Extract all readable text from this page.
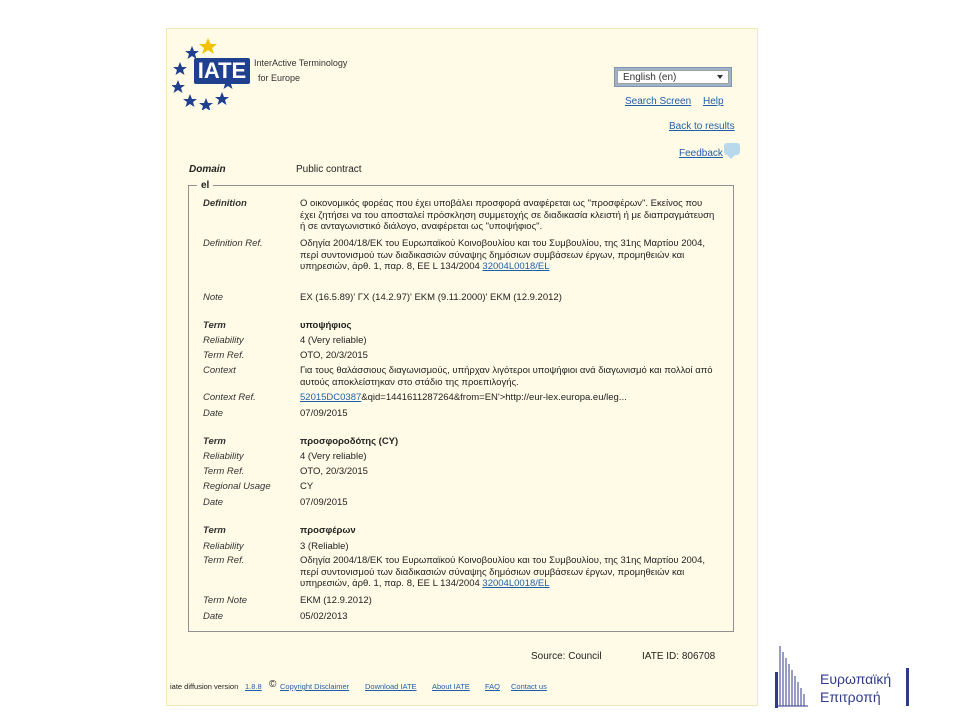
IATE InterActive Terminology
for Europe	English (en)
Search Screen Help
Back to results
Feedback
Domain	Public contract
el
Definition	Ο οικονομικός φορέας που έχει υποβάλει προσφορά αναφέρεται ως "προσφέρων". Εκείνος που έχει ζητήσει να του αποσταλεί πρόσκληση συμμετοχής σε διαδικασία κλειστή ή με διαπραγμάτευση ή σε ανταγωνιστικό διάλογο, αναφέρεται ως "υποψήφιος".
Definition Ref.	Οδηγία 2004/18/ΕΚ του Ευρωπαϊκού Κοινοβουλίου και του Συμβουλίου, της 31ης Μαρτίου 2004, περί συντονισμού των διαδικασιών σύναψης δημόσιων συμβάσεων έργων, προμηθειών και υπηρεσιών, άρθ. 1, παρ. 8, ΕΕ L 134/2004 32004L0018/EL
Note	ΕΧ (16.5.89)' ΓΧ (14.2.97)' ΕΚΜ (9.11.2000)' ΕΚΜ (12.9.2012)
Term	υποψήφιος
Reliability	4 (Very reliable)
Term Ref.	ΟΤΟ, 20/3/2015
Context	Για τους θαλάσσιους διαγωνισμούς, υπήρχαν λιγότεροι υποψήφιοι ανά διαγωνισμό και πολλοί από αυτούς αποκλείστηκαν στο στάδιο της προεπιλογής.
Context Ref.	52015DC0387&qid=1441611287264&from=EN'>http://eur-lex.europa.eu/leg...
Date	07/09/2015
Term	προσφοροδότης (CY)
Reliability	4 (Very reliable)
Term Ref.	ΟΤΟ, 20/3/2015
Regional Usage	CY
Date	07/09/2015
Term	προσφέρων
Reliability	3 (Reliable)
Term Ref.	Οδηγία 2004/18/ΕΚ του Ευρωπαϊκού Κοινοβουλίου και του Συμβουλίου, της 31ης Μαρτίου 2004, περί συντονισμού των διαδικασιών σύναψης δημόσιων συμβάσεων έργων, προμηθειών και υπηρεσιών, άρθ. 1, παρ. 8, ΕΕ L 134/2004 32004L0018/EL
Term Note	ΕΚΜ (12.9.2012)
Date	05/02/2013
Source: Council	IATE ID: 806708
iate diffusion version 1.8.8 © Copyright Disclaimer Download IATE About IATE FAQ Contact us	Ευρωπαϊκή
Επιτροπή
